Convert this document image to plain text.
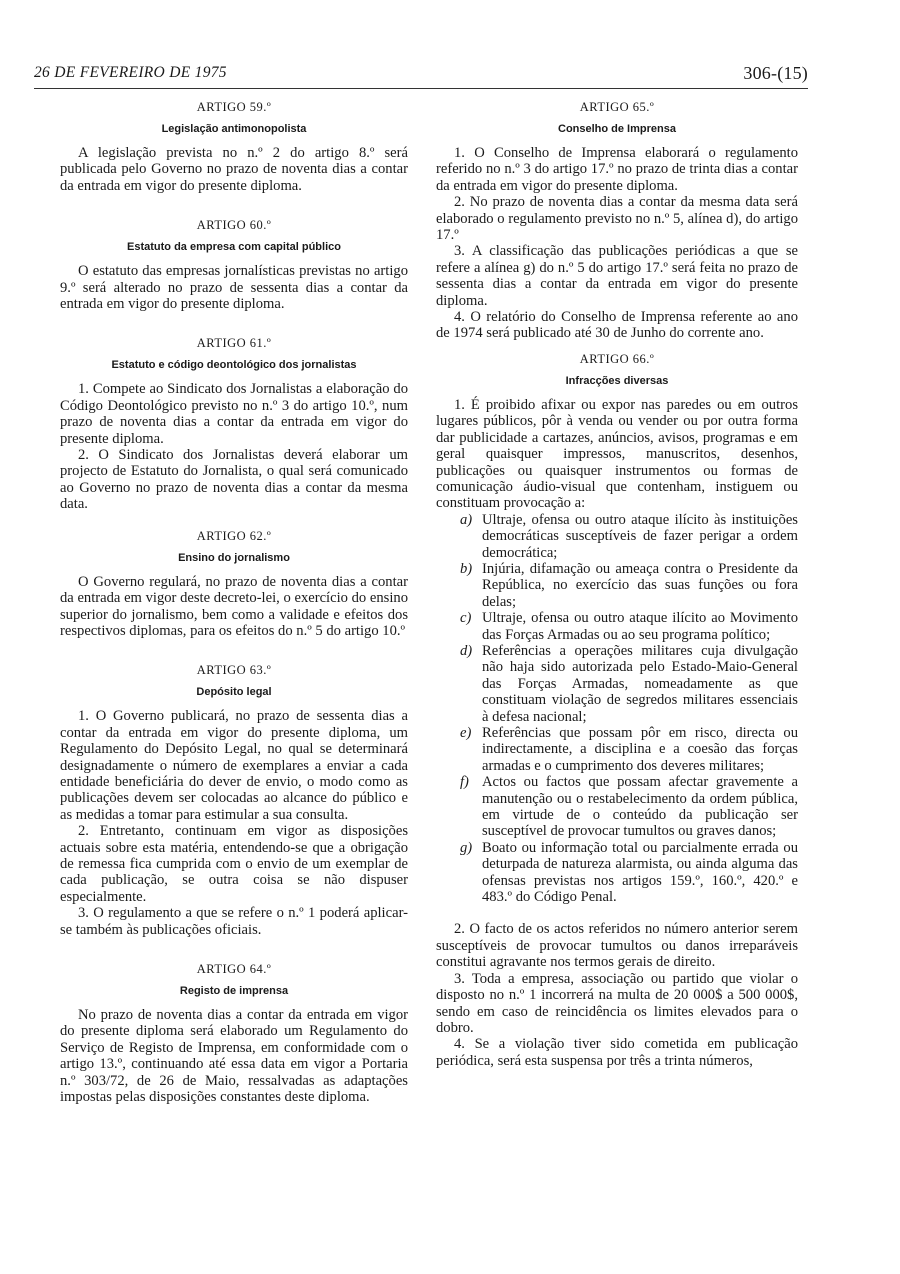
26 DE FEVEREIRO DE 1975	306-(15)
ARTIGO 59.º
Legislação antimonopolista

A legislação prevista no n.º 2 do artigo 8.º será publicada pelo Governo no prazo de noventa dias a contar da entrada em vigor do presente diploma.

ARTIGO 60.º
Estatuto da empresa com capital público

O estatuto das empresas jornalísticas previstas no artigo 9.º será alterado no prazo de sessenta dias a contar da entrada em vigor do presente diploma.

ARTIGO 61.º
Estatuto e código deontológico dos jornalistas

1. Compete ao Sindicato dos Jornalistas a elaboração do Código Deontológico previsto no n.º 3 do artigo 10.º, num prazo de noventa dias a contar da entrada em vigor do presente diploma.

2. O Sindicato dos Jornalistas deverá elaborar um projecto de Estatuto do Jornalista, o qual será comunicado ao Governo no prazo de noventa dias a contar da mesma data.

ARTIGO 62.º
Ensino do jornalismo

O Governo regulará, no prazo de noventa dias a contar da entrada em vigor deste decreto-lei, o exercício do ensino superior do jornalismo, bem como a validade e efeitos dos respectivos diplomas, para os efeitos do n.º 5 do artigo 10.º

ARTIGO 63.º
Depósito legal

1. O Governo publicará, no prazo de sessenta dias a contar da entrada em vigor do presente diploma, um Regulamento do Depósito Legal, no qual se determinará designadamente o número de exemplares a enviar a cada entidade beneficiária do dever de envio, o modo como as publicações devem ser colocadas ao alcance do público e as medidas a tomar para estimular a sua consulta.

2. Entretanto, continuam em vigor as disposições actuais sobre esta matéria, entendendo-se que a obrigação de remessa fica cumprida com o envio de um exemplar de cada publicação, se outra coisa se não dispuser especialmente.

3. O regulamento a que se refere o n.º 1 poderá aplicar-se também às publicações oficiais.

ARTIGO 64.º
Registo de imprensa

No prazo de noventa dias a contar da entrada em vigor do presente diploma será elaborado um Regulamento do Serviço de Registo de Imprensa, em conformidade com o artigo 13.º, continuando até essa data em vigor a Portaria n.º 303/72, de 26 de Maio, ressalvadas as adaptações impostas pelas disposições constantes deste diploma.

ARTIGO 65.º
Conselho de Imprensa

1. O Conselho de Imprensa elaborará o regulamento referido no n.º 3 do artigo 17.º no prazo de trinta dias a contar da entrada em vigor do presente diploma.

2. No prazo de noventa dias a contar da mesma data será elaborado o regulamento previsto no n.º 5, alínea d), do artigo 17.º

3. A classificação das publicações periódicas a que se refere a alínea g) do n.º 5 do artigo 17.º será feita no prazo de sessenta dias a contar da entrada em vigor do presente diploma.

4. O relatório do Conselho de Imprensa referente ao ano de 1974 será publicado até 30 de Junho do corrente ano.

ARTIGO 66.º
Infracções diversas

1. É proibido afixar ou expor nas paredes ou em outros lugares públicos, pôr à venda ou vender ou por outra forma dar publicidade a cartazes, anúncios, avisos, programas e em geral quaisquer impressos, manuscritos, desenhos, publicações ou quaisquer instrumentos ou formas de comunicação áudio-visual que contenham, instiguem ou constituam provocação a:

a) Ultraje, ofensa ou outro ataque ilícito às instituições democráticas susceptíveis de fazer perigar a ordem democrática;
b) Injúria, difamação ou ameaça contra o Presidente da República, no exercício das suas funções ou fora delas;
c) Ultraje, ofensa ou outro ataque ilícito ao Movimento das Forças Armadas ou ao seu programa político;
d) Referências a operações militares cuja divulgação não haja sido autorizada pelo Estado-Maio-General das Forças Armadas, nomeadamente as que constituam violação de segredos militares essenciais à defesa nacional;
e) Referências que possam pôr em risco, directa ou indirectamente, a disciplina e a coesão das forças armadas e o cumprimento dos deveres militares;
f) Actos ou factos que possam afectar gravemente a manutenção ou o restabelecimento da ordem pública, em virtude de o conteúdo da publicação ser susceptível de provocar tumultos ou graves danos;
g) Boato ou informação total ou parcialmente errada ou deturpada de natureza alarmista, ou ainda alguma das ofensas previstas nos artigos 159.º, 160.º, 420.º e 483.º do Código Penal.

2. O facto de os actos referidos no número anterior serem susceptíveis de provocar tumultos ou danos irreparáveis constitui agravante nos termos gerais de direito.

3. Toda a empresa, associação ou partido que violar o disposto no n.º 1 incorrerá na multa de 20 000$ a 500 000$, sendo em caso de reincidência os limites elevados para o dobro.

4. Se a violação tiver sido cometida em publicação periódica, será esta suspensa por três a trinta números,
